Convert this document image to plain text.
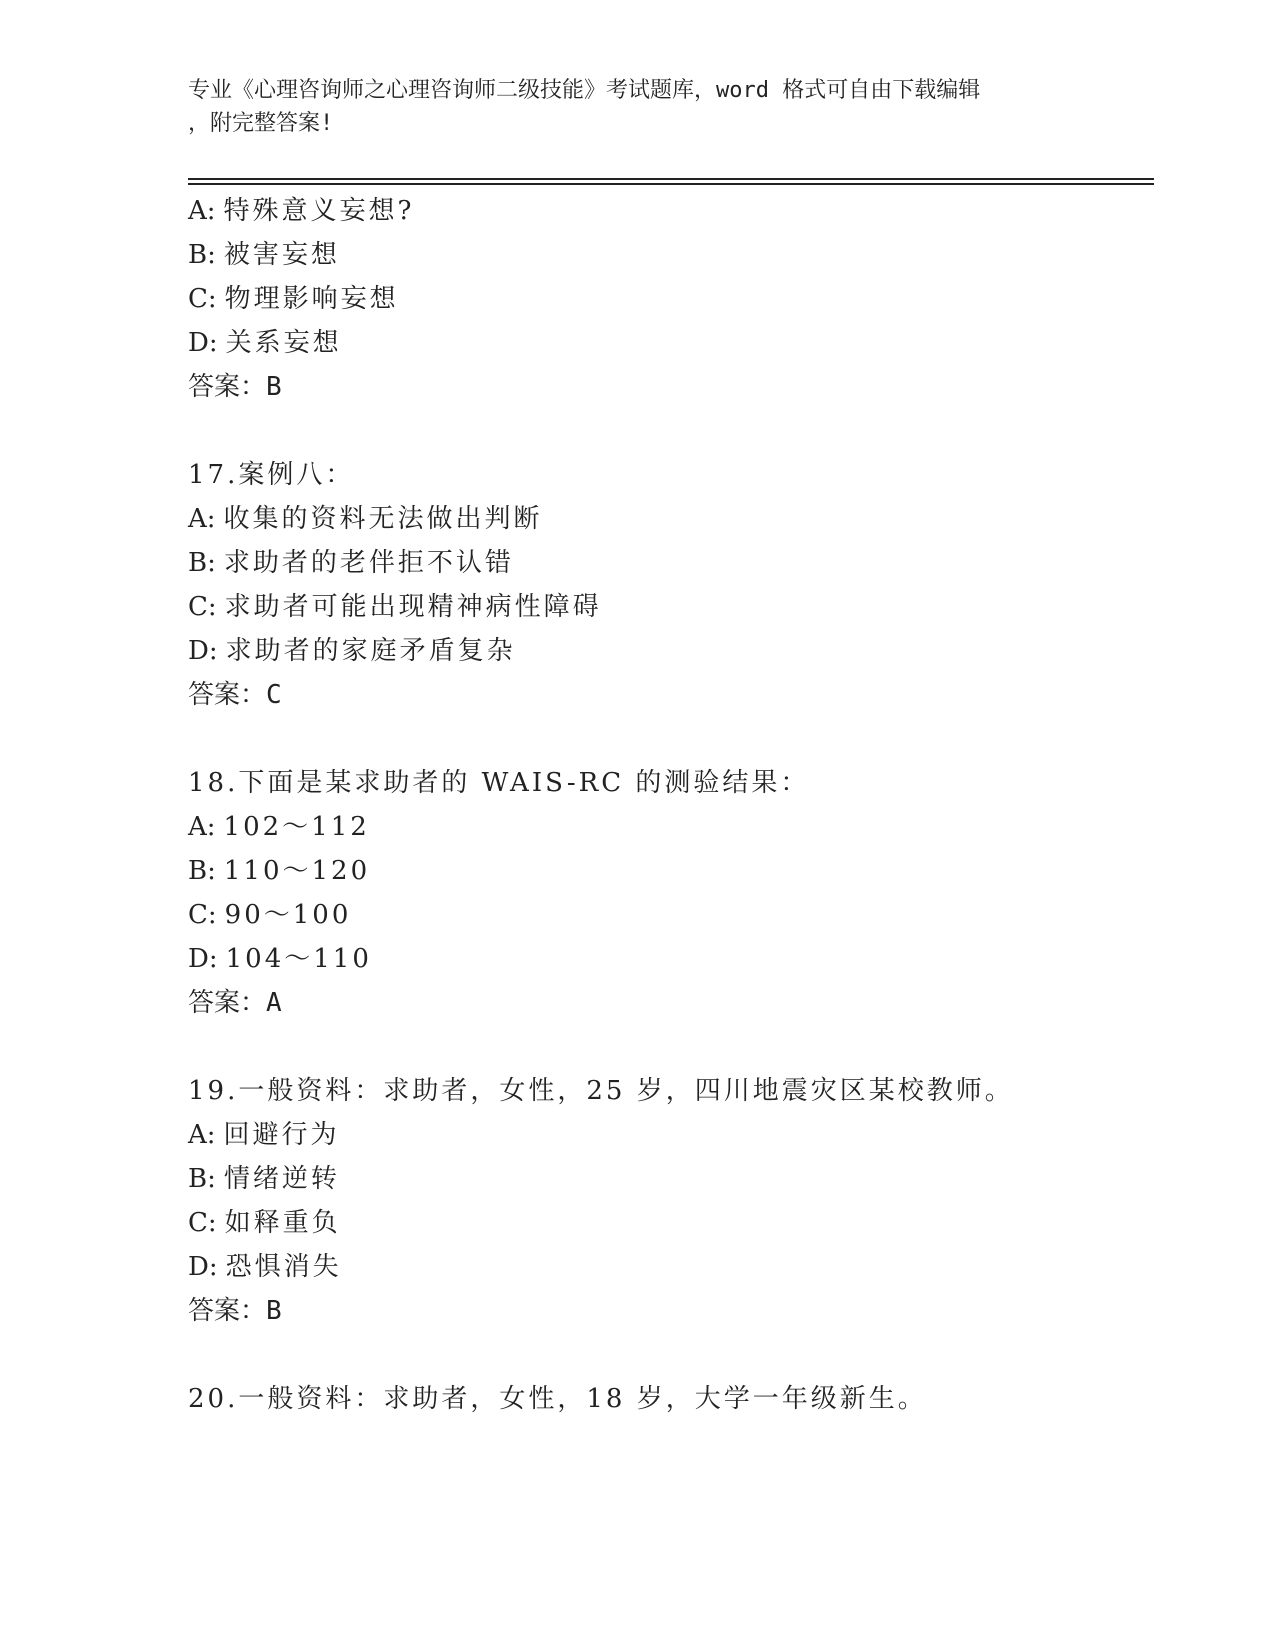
专业《心理咨询师之心理咨询师二级技能》考试题库，word 格式可自由下载编辑
，附完整答案!
A: 特殊意义妄想?
B: 被害妄想
C: 物理影响妄想
D: 关系妄想
答案：B
17.案例八：
A: 收集的资料无法做出判断
B: 求助者的老伴拒不认错
C: 求助者可能出现精神病性障碍
D: 求助者的家庭矛盾复杂
答案：C
18.下面是某求助者的 WAIS-RC 的测验结果：
A: 102～112
B: 110～120
C: 90～100
D: 104～110
答案：A
19.一般资料：求助者，女性，25 岁，四川地震灾区某校教师。
A: 回避行为
B: 情绪逆转
C: 如释重负
D: 恐惧消失
答案：B
20.一般资料：求助者，女性，18 岁，大学一年级新生。
